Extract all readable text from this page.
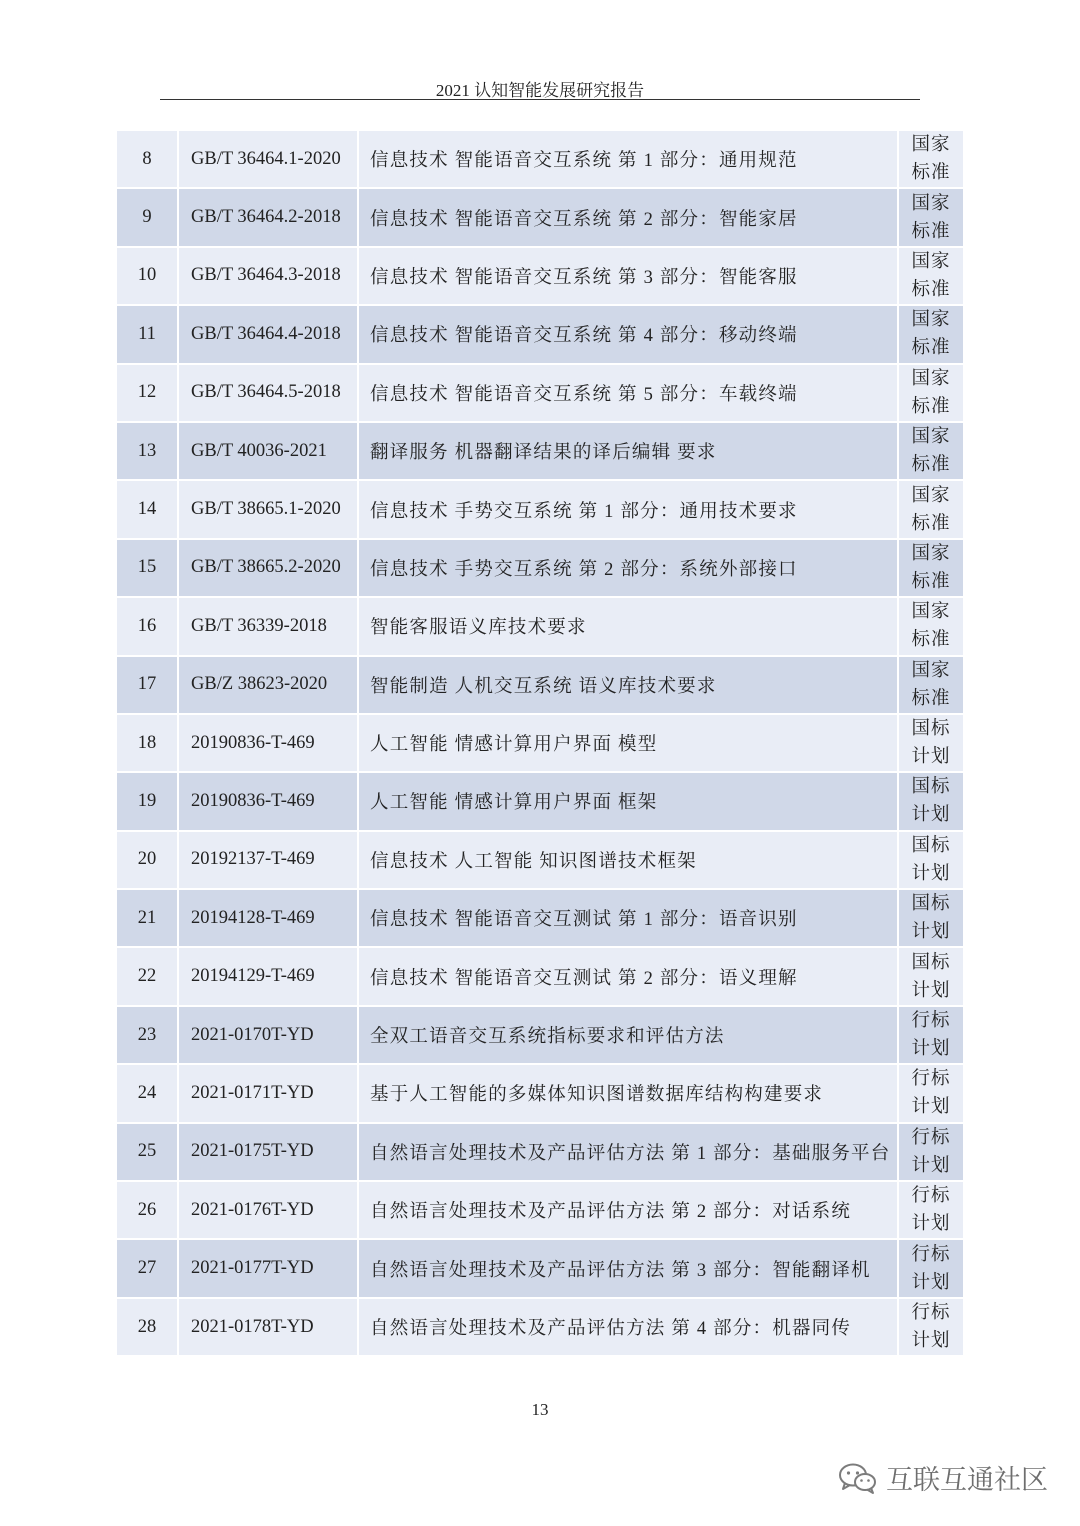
2021 认知智能发展研究报告
8	GB/T 36464.1-2020	信息技术 智能语音交互系统 第 1 部分：通用规范	国家
标准

9	GB/T 36464.2-2018	信息技术 智能语音交互系统 第 2 部分：智能家居	国家
标准

10	GB/T 36464.3-2018	信息技术 智能语音交互系统 第 3 部分：智能客服	国家
标准

11	GB/T 36464.4-2018	信息技术 智能语音交互系统 第 4 部分：移动终端	国家
标准

12	GB/T 36464.5-2018	信息技术 智能语音交互系统 第 5 部分：车载终端	国家
标准

13	GB/T 40036-2021	翻译服务 机器翻译结果的译后编辑 要求	国家
标准

14	GB/T 38665.1-2020	信息技术 手势交互系统 第 1 部分：通用技术要求	国家
标准

15	GB/T 38665.2-2020	信息技术 手势交互系统 第 2 部分：系统外部接口	国家
标准

16	GB/T 36339-2018	智能客服语义库技术要求	国家
标准

17	GB/Z 38623-2020	智能制造 人机交互系统 语义库技术要求	国家
标准

18	20190836-T-469	人工智能 情感计算用户界面 模型	国标
计划

19	20190836-T-469	人工智能 情感计算用户界面 框架	国标
计划

20	20192137-T-469	信息技术 人工智能 知识图谱技术框架	国标
计划

21	20194128-T-469	信息技术 智能语音交互测试 第 1 部分：语音识别	国标
计划

22	20194129-T-469	信息技术 智能语音交互测试 第 2 部分：语义理解	国标
计划

23	2021-0170T-YD	全双工语音交互系统指标要求和评估方法	行标
计划

24	2021-0171T-YD	基于人工智能的多媒体知识图谱数据库结构构建要求	行标
计划

25	2021-0175T-YD	自然语言处理技术及产品评估方法 第 1 部分：基础服务平台	行标
计划

26	2021-0176T-YD	自然语言处理技术及产品评估方法 第 2 部分：对话系统	行标
计划

27	2021-0177T-YD	自然语言处理技术及产品评估方法 第 3 部分：智能翻译机	行标
计划

28	2021-0178T-YD	自然语言处理技术及产品评估方法 第 4 部分：机器同传	行标
计划
13
互联互通社区
